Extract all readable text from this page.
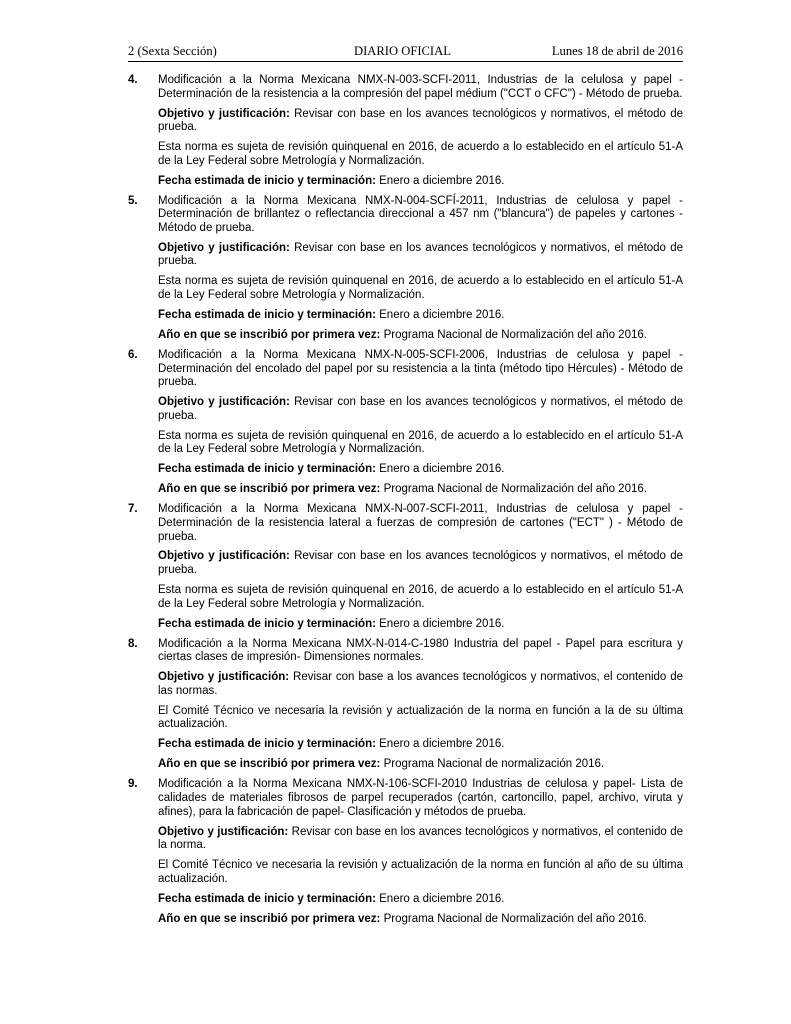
2 (Sexta Sección)	DIARIO OFICIAL	Lunes 18 de abril de 2016
4. Modificación a la Norma Mexicana NMX-N-003-SCFI-2011, Industrias de la celulosa y papel - Determinación de la resistencia a la compresión del papel médium ("CCT o CFC") - Método de prueba.

Objetivo y justificación: Revisar con base en los avances tecnológicos y normativos, el método de prueba.

Esta norma es sujeta de revisión quinquenal en 2016, de acuerdo a lo establecido en el artículo 51-A de la Ley Federal sobre Metrología y Normalización.

Fecha estimada de inicio y terminación: Enero a diciembre 2016.

5. Modificación a la Norma Mexicana NMX-N-004-SCFÍ-2011, Industrias de celulosa y papel - Determinación de brillantez o reflectancia direccional a 457 nm ("blancura") de papeles y cartones - Método de prueba.

Objetivo y justificación: Revisar con base en los avances tecnológicos y normativos, el método de prueba.

Esta norma es sujeta de revisión quinquenal en 2016, de acuerdo a lo establecido en el artículo 51-A de la Ley Federal sobre Metrología y Normalización.

Fecha estimada de inicio y terminación: Enero a diciembre 2016.

Año en que se inscribió por primera vez: Programa Nacional de Normalización del año 2016.

6. Modificación a la Norma Mexicana NMX-N-005-SCFI-2006, Industrias de celulosa y papel - Determinación del encolado del papel por su resistencia a la tinta (método tipo Hércules) - Método de prueba.

Objetivo y justificación: Revisar con base en los avances tecnológicos y normativos, el método de prueba.

Esta norma es sujeta de revisión quinquenal en 2016, de acuerdo a lo establecido en el artículo 51-A de la Ley Federal sobre Metrología y Normalización.

Fecha estimada de inicio y terminación: Enero a diciembre 2016.

Año en que se inscribió por primera vez: Programa Nacional de Normalización del año 2016.

7. Modificación a la Norma Mexicana NMX-N-007-SCFI-2011, Industrias de celulosa y papel - Determinación de la resistencia lateral a fuerzas de compresión de cartones ("ECT" ) - Método de prueba.

Objetivo y justificación: Revisar con base en los avances tecnológicos y normativos, el método de prueba.

Esta norma es sujeta de revisión quinquenal en 2016, de acuerdo a lo establecido en el artículo 51-A de la Ley Federal sobre Metrología y Normalización.

Fecha estimada de inicio y terminación: Enero a diciembre 2016.

8. Modificación a la Norma Mexicana NMX-N-014-C-1980 Industria del papel - Papel para escritura y ciertas clases de impresión- Dimensiones normales.

Objetivo y justificación: Revisar con base a los avances tecnológicos y normativos, el contenido de las normas.

El Comité Técnico ve necesaria la revisión y actualización de la norma en función a la de su última actualización.

Fecha estimada de inicio y terminación: Enero a diciembre 2016.

Año en que se inscribió por primera vez: Programa Nacional de normalización 2016.

9. Modificación a la Norma Mexicana NMX-N-106-SCFI-2010 Industrias de celulosa y papel- Lista de calidades de materiales fibrosos de parpel recuperados (cartón, cartoncillo, papel, archivo, viruta y afines), para la fabricación de papel- Clasificación y métodos de prueba.

Objetivo y justificación: Revisar con base en los avances tecnológicos y normativos, el contenido de la norma.

El Comité Técnico ve necesaria la revisión y actualización de la norma en función al año de su última actualización.

Fecha estimada de inicio y terminación: Enero a diciembre 2016.

Año en que se inscribió por primera vez: Programa Nacional de Normalización del año 2016.
